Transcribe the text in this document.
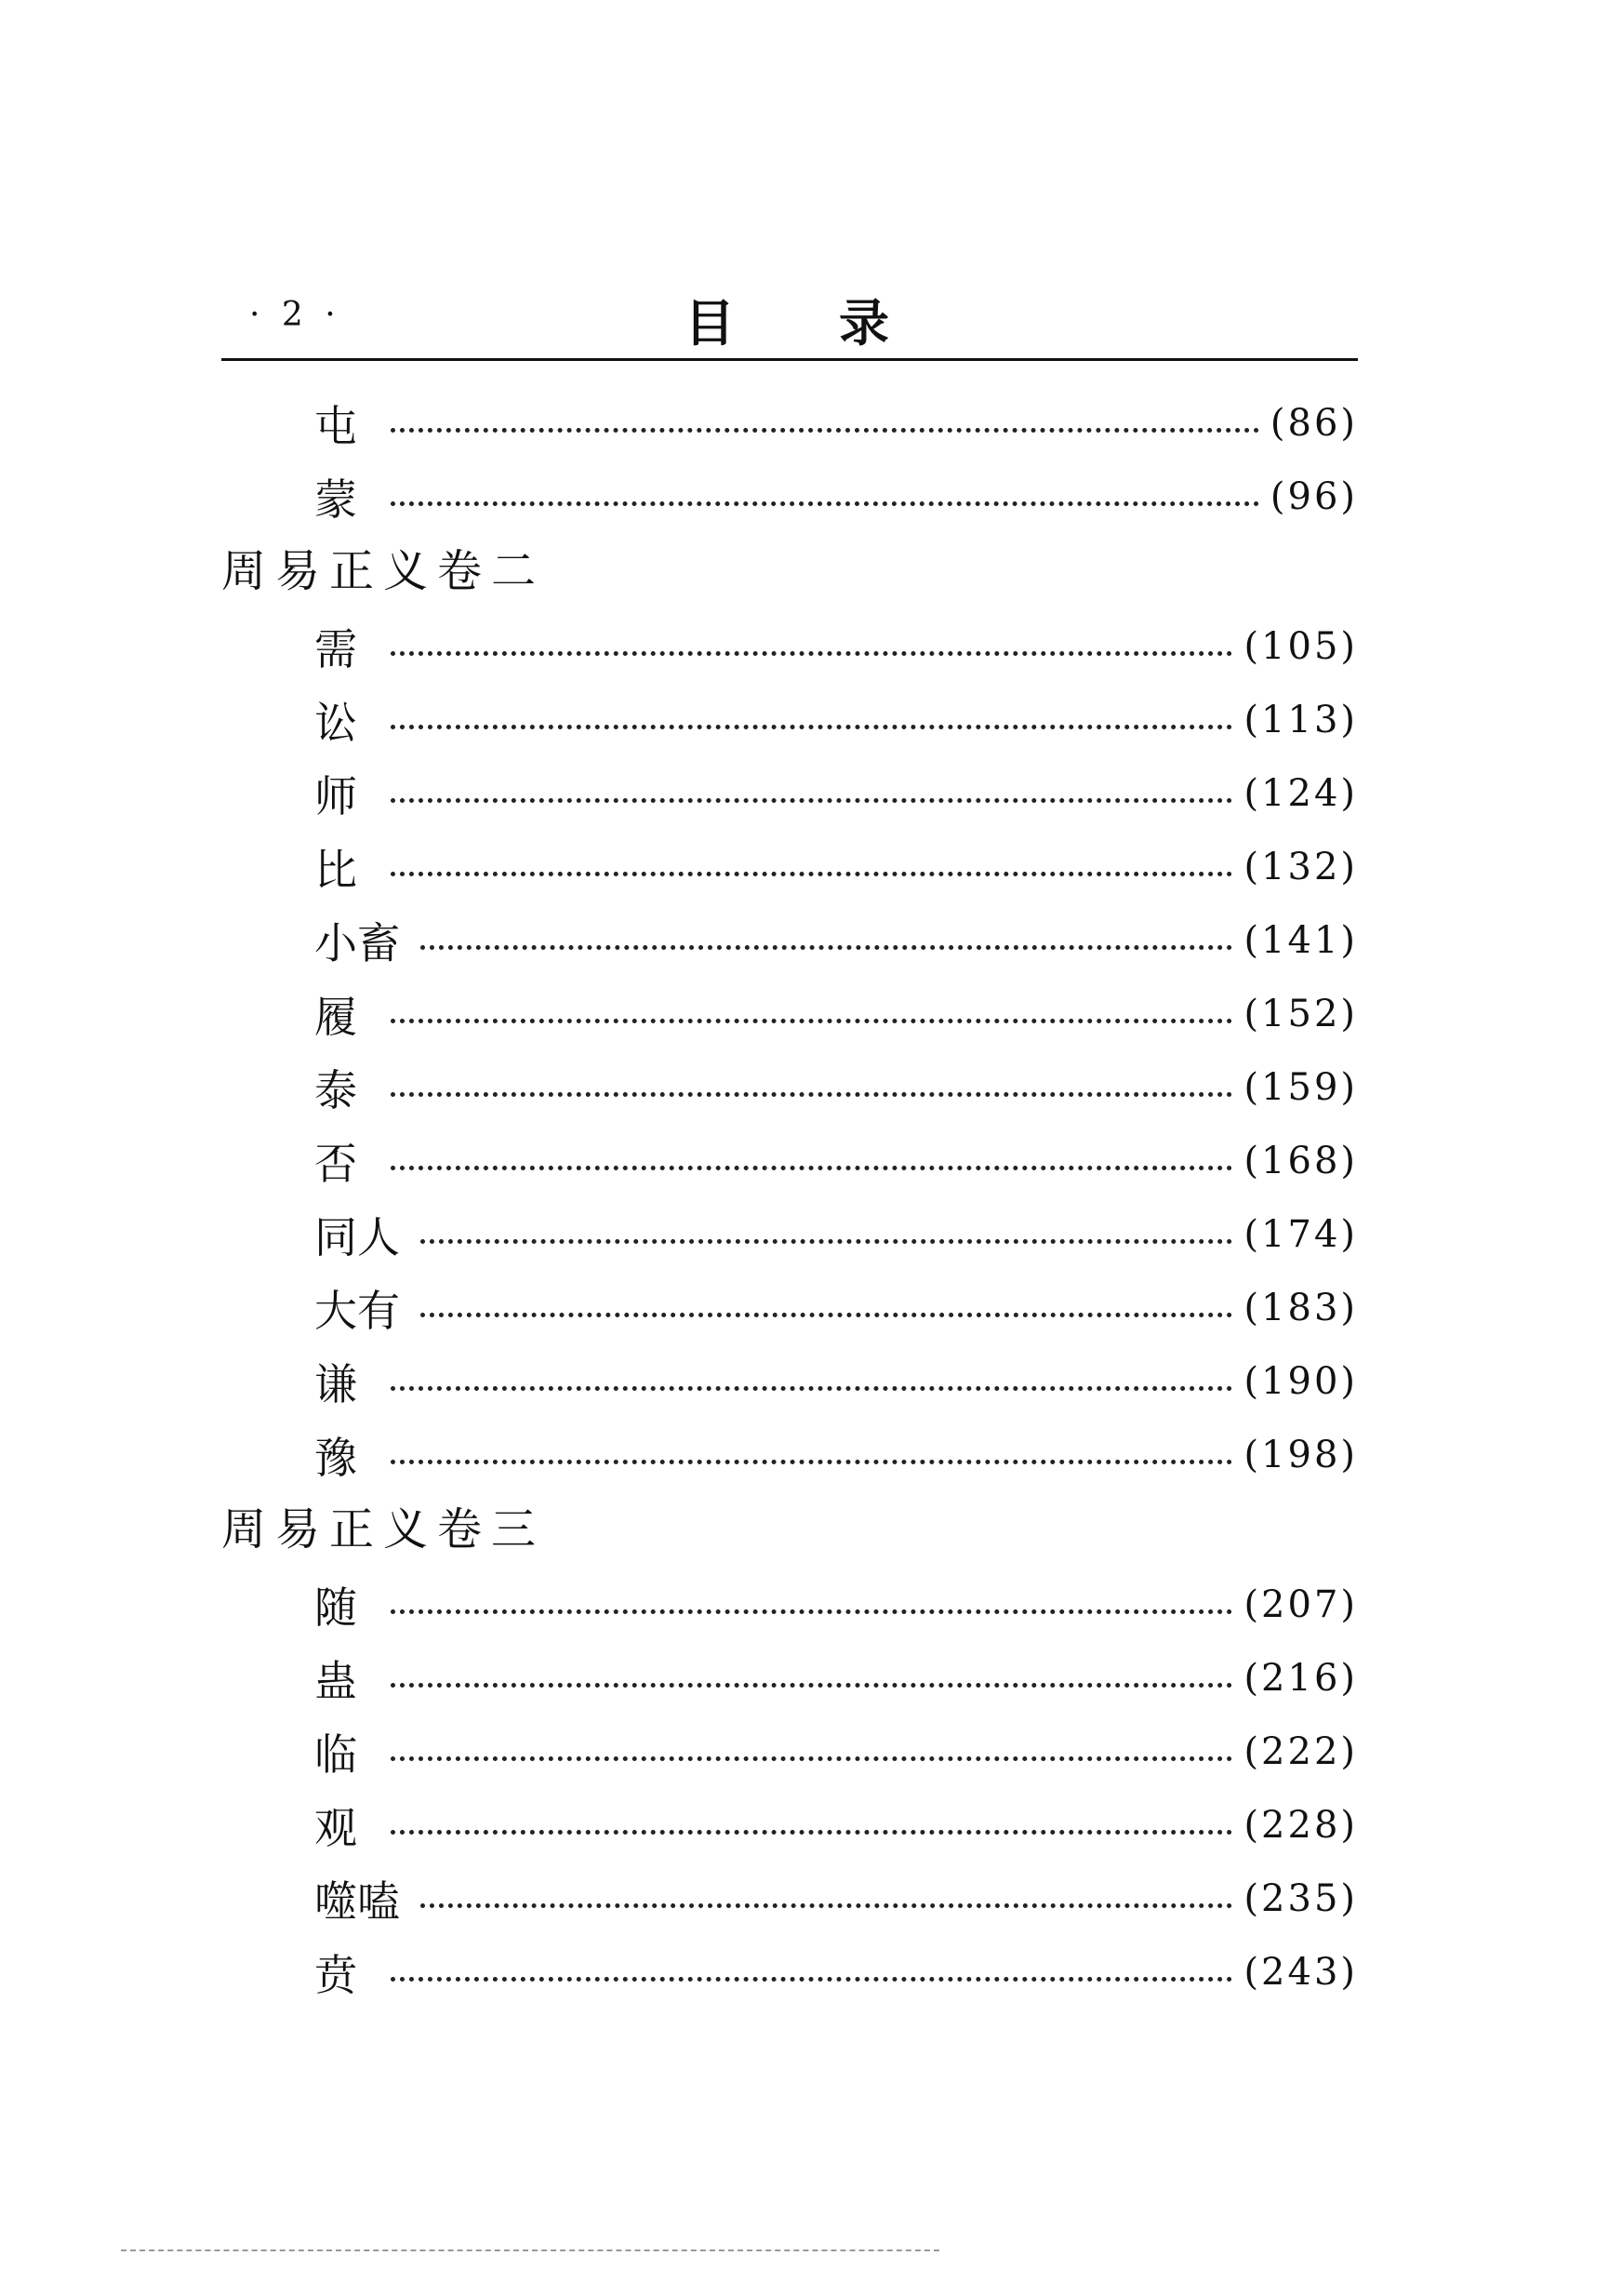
· 2 ·	目录
屯	(86)
蒙	(96)
周易正义卷二
需	(105)
讼	(113)
师	(124)
比	(132)
小畜	(141)
履	(152)
泰	(159)
否	(168)
同人	(174)
大有	(183)
谦	(190)
豫	(198)
周易正义卷三
随	(207)
蛊	(216)
临	(222)
观	(228)
噬嗑	(235)
贲	(243)
